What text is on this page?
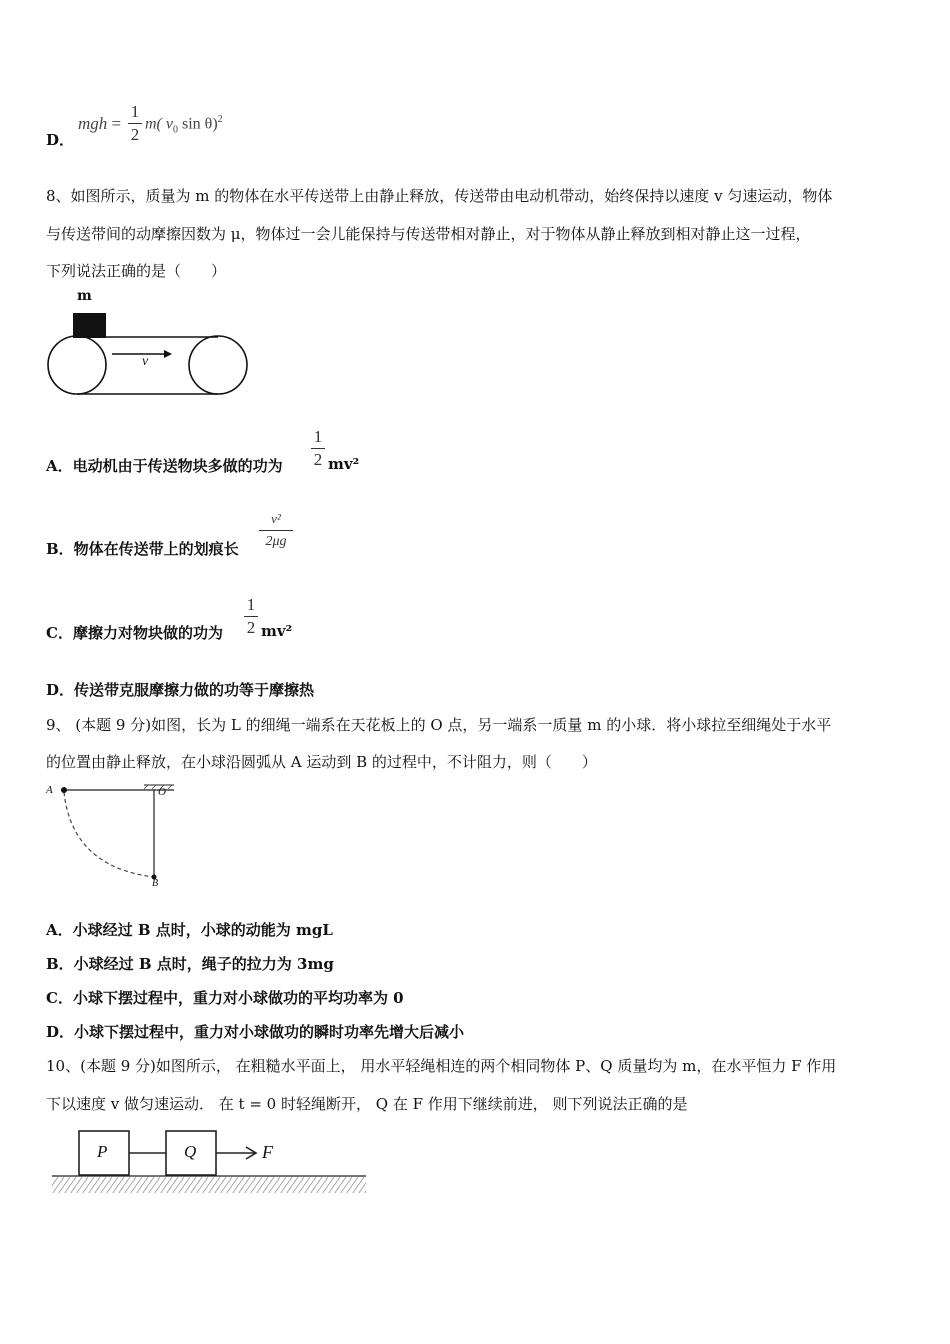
D．
mgh =
1
2
m( $v_0$ sin θ)$^2$
8、如图所示，质量为 m 的物体在水平传送带上由静止释放，传送带由电动机带动，始终保持以速度 v 匀速运动，物体
与传送带间的动摩擦因数为 μ，物体过一会儿能保持与传送带相对静止，对于物体从静止释放到相对静止这一过程，
下列说法正确的是（　　）
m
v
A．电动机由于传送物块多做的功为
1
2 mv²
B．物体在传送带上的划痕长
v²
2μg
C．摩擦力对物块做的功为
1
2 mv²
D．传送带克服摩擦力做的功等于摩擦热
9、 (本题 9 分)如图，长为 L 的细绳一端系在天花板上的 O 点，另一端系一质量 m 的小球．将小球拉至细绳处于水平
的位置由静止释放，在小球沿圆弧从 A 运动到 B 的过程中，不计阻力，则（　　）
A	O
B
A．小球经过 B 点时，小球的动能为 mgL
B．小球经过 B 点时，绳子的拉力为 3mg
C．小球下摆过程中，重力对小球做功的平均功率为 0
D．小球下摆过程中，重力对小球做功的瞬时功率先增大后减小
10、(本题 9 分)如图所示， 在粗糙水平面上， 用水平轻绳相连的两个相同物体 P、Q 质量均为 m，在水平恒力 F 作用
下以速度 v 做匀速运动． 在 t = 0 时轻绳断开， Q 在 F 作用下继续前进， 则下列说法正确的是
P	Q	F
